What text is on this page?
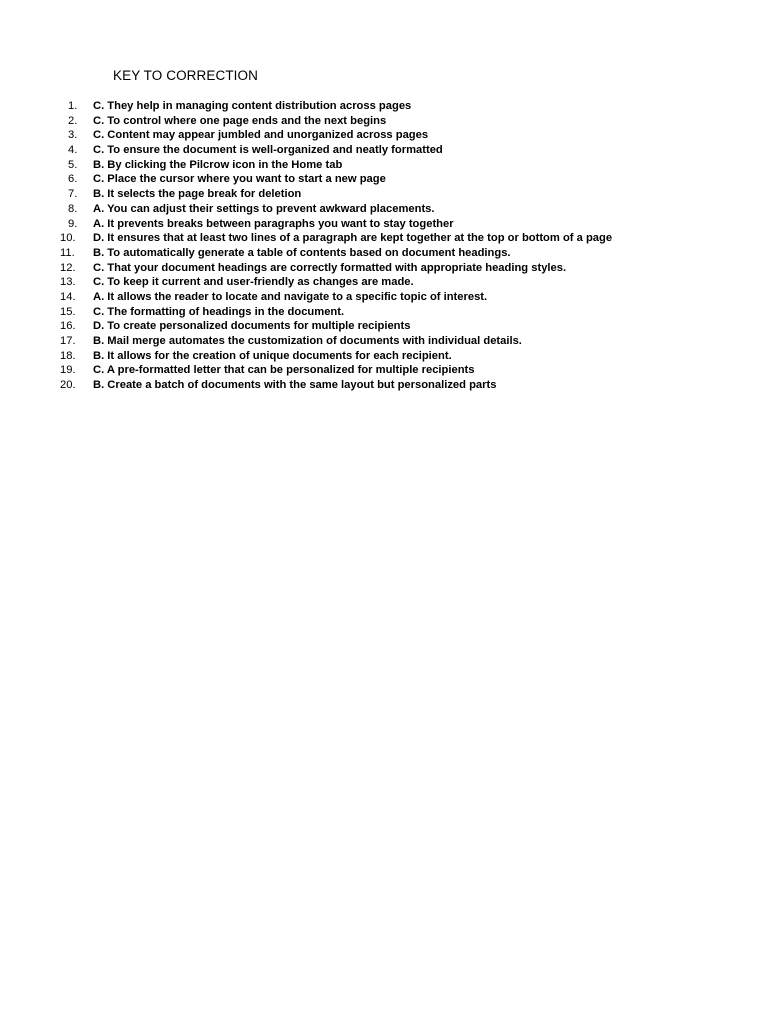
KEY TO CORRECTION
1.	C. They help in managing content distribution across pages
2.	C. To control where one page ends and the next begins
3.	C. Content may appear jumbled and unorganized across pages
4.	C. To ensure the document is well-organized and neatly formatted
5.	B. By clicking the Pilcrow icon in the Home tab
6.	C. Place the cursor where you want to start a new page
7.	B. It selects the page break for deletion
8.	A. You can adjust their settings to prevent awkward placements.
9.	A. It prevents breaks between paragraphs you want to stay together
10.	D. It ensures that at least two lines of a paragraph are kept together at the top or bottom of a page
11.	B. To automatically generate a table of contents based on document headings.
12.	C. That your document headings are correctly formatted with appropriate heading styles.
13.	C. To keep it current and user-friendly as changes are made.
14.	A. It allows the reader to locate and navigate to a specific topic of interest.
15.	C. The formatting of headings in the document.
16.	D. To create personalized documents for multiple recipients
17.	B. Mail merge automates the customization of documents with individual details.
18.	B. It allows for the creation of unique documents for each recipient.
19.	C. A pre-formatted letter that can be personalized for multiple recipients
20.	B. Create a batch of documents with the same layout but personalized parts
